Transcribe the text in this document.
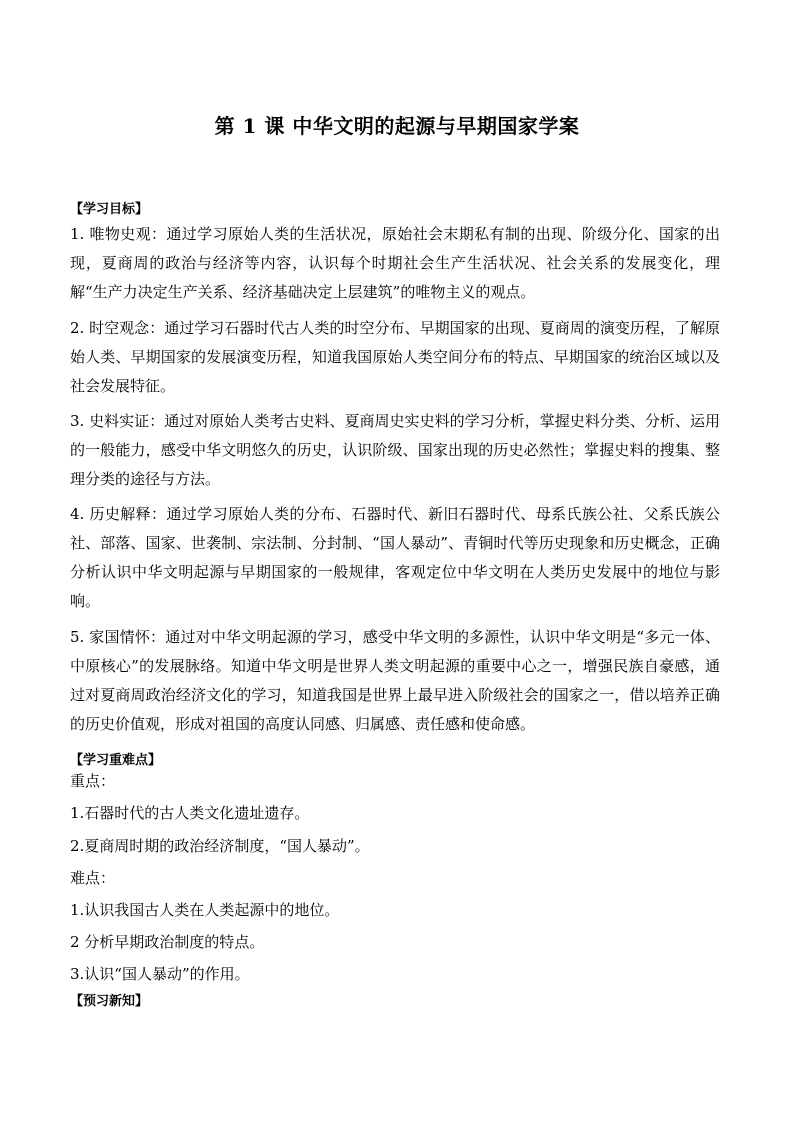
第 1 课 中华文明的起源与早期国家学案
【学习目标】
1. 唯物史观：通过学习原始人类的生活状况，原始社会末期私有制的出现、阶级分化、国家的出现，夏商周的政治与经济等内容，认识每个时期社会生产生活状况、社会关系的发展变化，理解“生产力决定生产关系、经济基础决定上层建筑”的唯物主义的观点。
2. 时空观念：通过学习石器时代古人类的时空分布、早期国家的出现、夏商周的演变历程，了解原始人类、早期国家的发展演变历程，知道我国原始人类空间分布的特点、早期国家的统治区域以及社会发展特征。
3. 史料实证：通过对原始人类考古史料、夏商周史实史料的学习分析，掌握史料分类、分析、运用的一般能力，感受中华文明悠久的历史，认识阶级、国家出现的历史必然性；掌握史料的搜集、整理分类的途径与方法。
4. 历史解释：通过学习原始人类的分布、石器时代、新旧石器时代、母系氏族公社、父系氏族公社、部落、国家、世袭制、宗法制、分封制、“国人暴动”、青铜时代等历史现象和历史概念，正确分析认识中华文明起源与早期国家的一般规律，客观定位中华文明在人类历史发展中的地位与影响。
5. 家国情怀：通过对中华文明起源的学习，感受中华文明的多源性，认识中华文明是“多元一体、中原核心”的发展脉络。知道中华文明是世界人类文明起源的重要中心之一，增强民族自豪感，通过对夏商周政治经济文化的学习，知道我国是世界上最早进入阶级社会的国家之一，借以培养正确的历史价值观，形成对祖国的高度认同感、归属感、责任感和使命感。
【学习重难点】
重点：
1.石器时代的古人类文化遗址遗存。
2.夏商周时期的政治经济制度，“国人暴动”。
难点：
1.认识我国古人类在人类起源中的地位。
2 分析早期政治制度的特点。
3.认识“国人暴动”的作用。
【预习新知】
